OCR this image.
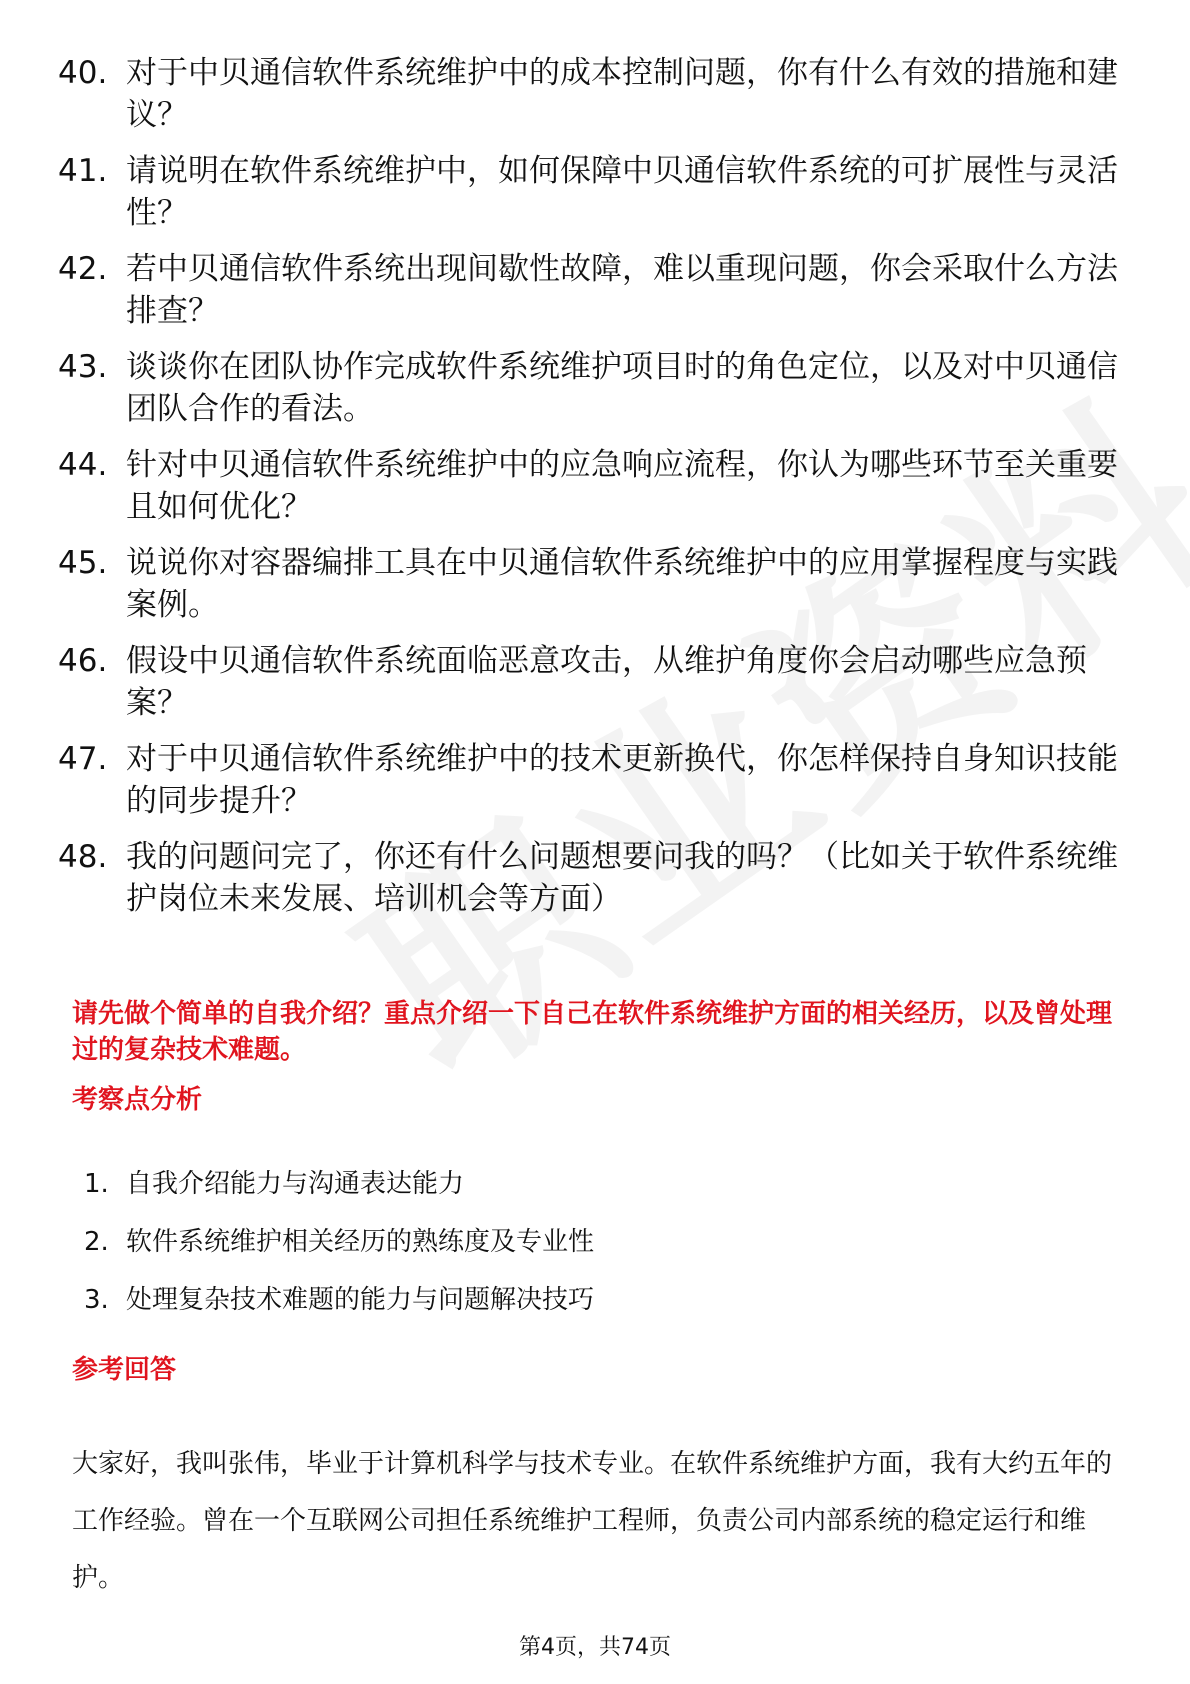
40. 对于中贝通信软件系统维护中的成本控制问题，你有什么有效的措施和建议？
41. 请说明在软件系统维护中，如何保障中贝通信软件系统的可扩展性与灵活性？
42. 若中贝通信软件系统出现间歇性故障，难以重现问题，你会采取什么方法排查？
43. 谈谈你在团队协作完成软件系统维护项目时的角色定位，以及对中贝通信团队合作的看法。
44. 针对中贝通信软件系统维护中的应急响应流程，你认为哪些环节至关重要且如何优化？
45. 说说你对容器编排工具在中贝通信软件系统维护中的应用掌握程度与实践案例。
46. 假设中贝通信软件系统面临恶意攻击，从维护角度你会启动哪些应急预案？
47. 对于中贝通信软件系统维护中的技术更新换代，你怎样保持自身知识技能的同步提升？
48. 我的问题问完了，你还有什么问题想要问我的吗？（比如关于软件系统维护岗位未来发展、培训机会等方面）

请先做个简单的自我介绍？重点介绍一下自己在软件系统维护方面的相关经历，以及曾处理过的复杂技术难题。

考察点分析
1. 自我介绍能力与沟通表达能力
2. 软件系统维护相关经历的熟练度及专业性
3. 处理复杂技术难题的能力与问题解决技巧
参考回答

大家好，我叫张伟，毕业于计算机科学与技术专业。在软件系统维护方面，我有大约五年的工作经验。曾在一个互联网公司担任系统维护工程师，负责公司内部系统的稳定运行和维护。

第4页，共74页
